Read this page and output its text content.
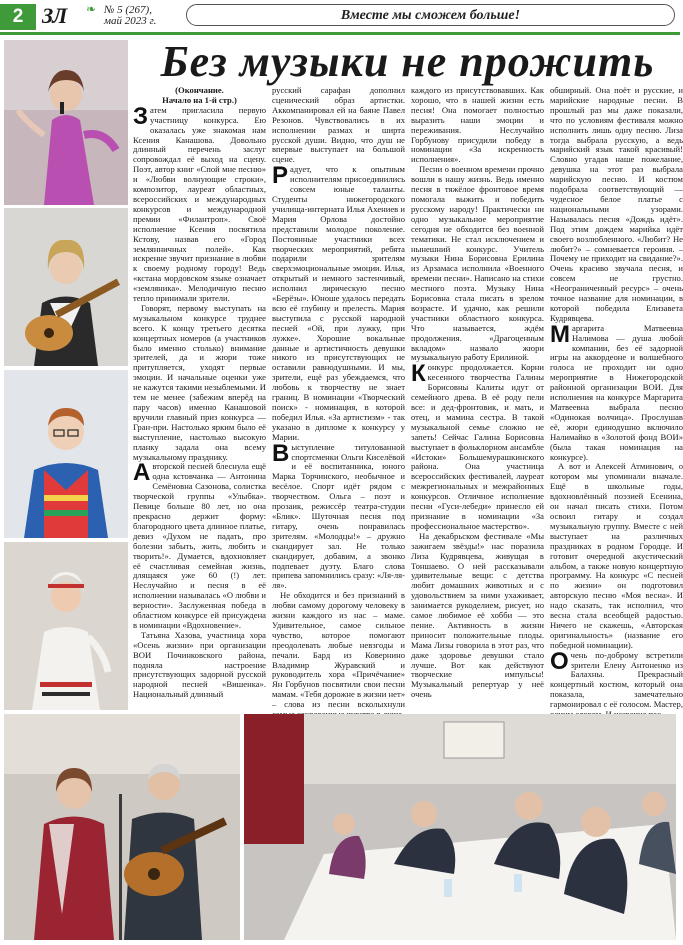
2 ЗЛ ❧ № 5 (267),
май 2023 г.	Вместе мы сможем больше!
Без музыки не прожить

(Окончание.

Начало на 1-й стр.)

Затем пригласила первую участницу конкурса. Ею оказалась уже знакомая нам Ксения Канашова. Довольно длинный перечень заслуг сопровождал её выход на сцену. Поэт, автор книг «Спой мне песню» и «Любви волнующие строки», композитор, лауреат областных, всероссийских и международных конкурсов и международной премии «Филантроп». Своё исполнение Ксения посвятила Кстову, назвав его «Город землянничных полей». Как искренне звучит признание в любви к своему родному городу! Ведь «кстана мордовском языке означает «земляника». Мелодичную песню тепло принимали зрители.

Говорят, первому выступать на музыкальном конкурсе труднее всего. К концу третьего десятка концертных номеров (а участников было именно столько) внимание зрителей, да и жюри тоже притупляется, уходят первые эмоции. И начальные оценки уже не кажутся такими незыблемыми. И тем не менее (забежим вперёд на пару часов) именно Канашовой вручили главный приз конкурса — Гран-при. Настолько ярким было её выступление, настолько высокую планку задала она всему музыкальному празднику.

Авторской песней блеснула ещё одна кстовчанка — Антонина Семёновна Сазонова, солистка творческой группы «Улыбка». Певице больше 80 лет, но она прекрасно держит форму: благородного цвета длинное платье, девиз «Духом не падать, про болезни забыть, жить, любить и творить!». Думается, вдохновляет её счастливая семейная жизнь, длящаяся уже 60 (!) лет. Неслучайно и песня в её исполнении называлась «О любви и верности». Заслуженная победа в областном конкурсе ей присуждена в номинации «Вдохновение».

Татьяна Хазова, участница хора «Осень жизни» при организации ВОИ Починковского района, подняла настроение присутствующих задорной русской народной песней «Вишенка». Национальный длинный

русский сарафан дополнил сценический образ артистки. Аккомпанировал ей на баяне Павел Резонов. Чувствовались в их исполнении размах и ширта русской души. Видно, что душ не впервые выступает на большой сцене.

Радует, что к опытным исполнителям присоединились совсем юные таланты. Студенты нижегородского училища-интерната Илья Ахениев и Мария Орлова достойно представили молодое поколение. Постоянные участники всех творческих мероприятий, ребята подарили зрителям сверхэмоциональные эмоции. Илья, открытый и немного застенчивый, исполнил лирическую песню «Берёзы». Юноше удалось передать всю её глубину и прелесть. Мария выступила с русской народной песней «Ой, при лужку, при лужке». Хорошие вокальные данные и артистичность девушки никого из присутствующих не оставили равнодушными. И мы, зрители, ещё раз убеждаемся, что любовь к творчеству не знает границ. В номинации «Творческий поиск» - номинация, в которой победил Илья. «За артистизм» - так указано в дипломе к конкурсу у Марии.

Выступление титулованной спортсменки Ольги Киселёвой и её воспитанника, юного Марка Торчинского, необычное и весёлое. Спорт идёт рядом с творчеством. Ольга – поэт и прозаик, режиссёр театра-студии «Блик». Шуточная песня под гитару, очень понравилась зрителям. «Молодцы!» – дружно скандирует зал. Не только скандирует, добавим, а звонко подпевает дуэту. Благо слова припева запомнились сразу: «Ля-ля-ля».

Не обходится и без признаний в любви самому дорогому человеку в жизни каждого из нас – маме. Удивительное, самое сильное чувство, которое помогают преодолевать любые невзгоды и печали. Бард из Ковернино Владимир Журавский и руководитель хора «Причёчание» Ян Горбунов посвятили свои песни мамам. «Тебя дорожне в жизни нет» – слова из песни всколыхнули

каждого из присутствовавших. Как хорошо, что в нашей жизни есть песня! Она помогает полностью выразить наши эмоции и переживания. Неслучайно Горбунову присудили победу в номинации «За искренность исполнения».

Песни о военном времени прочно вошли в нашу жизнь. Ведь именно песня в тяжёлое фронтовое время помогала выжить и победить русскому народу! Практически ни одно музыкальное мероприятие сегодня не обходится без военной тематики. Не стал исключением и нынешний конкурс. Учитель музыки Нина Борисовна Ерилина из Арзамаса исполнила «Военного времени песни». Написано на стихи местного поэта. Музыку Нина Борисовна стала писать в зрелом возрасте. И удачно, как решили участники областного конкурса. Что называется, ждём продолжения. «Драгоценным вкладом» назвало жюри музыкальную работу Ерилиной.

Конкурс продолжается. Корни кесенного творчества Галины Борисовны Калиты идут от семейного древа. В её роду пели все: и дед-фронтовик, и мать, и отец, и мамина сестра. В такой музыкальной семье сложно не запеть! Сейчас Галина Борисовна выступает в фольклорном ансамбле «Истоки» Большемурашкинского района. Она участница всероссийских фестивалей, лауреат межрегиональных и межрайонных конкурсов. Отличное исполнение песни «Гуси-лебеди» принесло ей признание в номинации «За профессиональное мастерство».

На декабрьском фестивале «Мы зажигаем звёзды!» нас поразила Лиза Кудрявцева, живущая в Тоншаево. О ней рассказывали удивительные вещи: с детства любит домашних животных и с удовольствием за ними ухаживает, занимается рукоделием, рисует, но самое любимое её хобби — это пение. Активность в жизни приносит положительные плоды. Мама Лизы говорила в этот раз, что даже здоровье девушки стало лучше. Вот как действуют творческие импульсы! Музыкальный репертуар у неё очень

обширный. Она поёт и русские, и марийские народные песни. В прошлый раз мы даже показали, что по условиям фестиваля можно исполнить лишь одну песню. Лиза тогда выбрала русскую, а ведь марийский язык такой красивый! Словно угадав наше пожелание, девушка на этот раз выбрала марийскую песню. И костюм подобрала соответствующий — чудесное белое платье с национальными узорами. Называлась песня «Дождь идёт». Под этим дождем марийка идёт своего возлюбленного. «Любит? Не любит?» – сомневается героиня. – Почему не приходит на свидание?». Очень красиво звучала песня, и совсем не грустно. «Неограниченный ресурс» – очень точное название для номинации, в которой победила Елизавета Кудрявцева.

Маргарита Матвеевна Налимова — душа любой компании, без её задорной игры на аккордеоне и волшебного голоса не проходит ни одно мероприятие в Нижегородской районной организации ВОИ. Для исполнения на конкурсе Маргарита Матвеевна выбрала песню «Одинокая волчица». Прослушав её, жюри единодушно включило Налимайко в «Золотой фонд ВОИ» (была такая номинация на конкурсе).

А вот и Алексей Атминович, о котором мы упоминали вначале. Ещё в школьные годы, вдохновлённый поэзией Есенина, он начал писать стихи. Потом освоил гитару и создал музыкальную группу. Вместе с ней выступает на различных праздниках в родном Городце. И готовит очередной акустический альбом, а также новую концертную программу. На конкурс «С песней по жизни» он подготовил авторскую песню «Моя весна». И надо сказать, так исполнил, что весна стала всеобщей радостью. Ничего не скажешь, «Авторская оригинальность» (название его победной номинации).

Очень по-доброму встретили зрители Елену Антоненко из Балахны. Прекрасный концертный костюм, который она показала, замечательно гармонировал с её голосом. Мастер,
